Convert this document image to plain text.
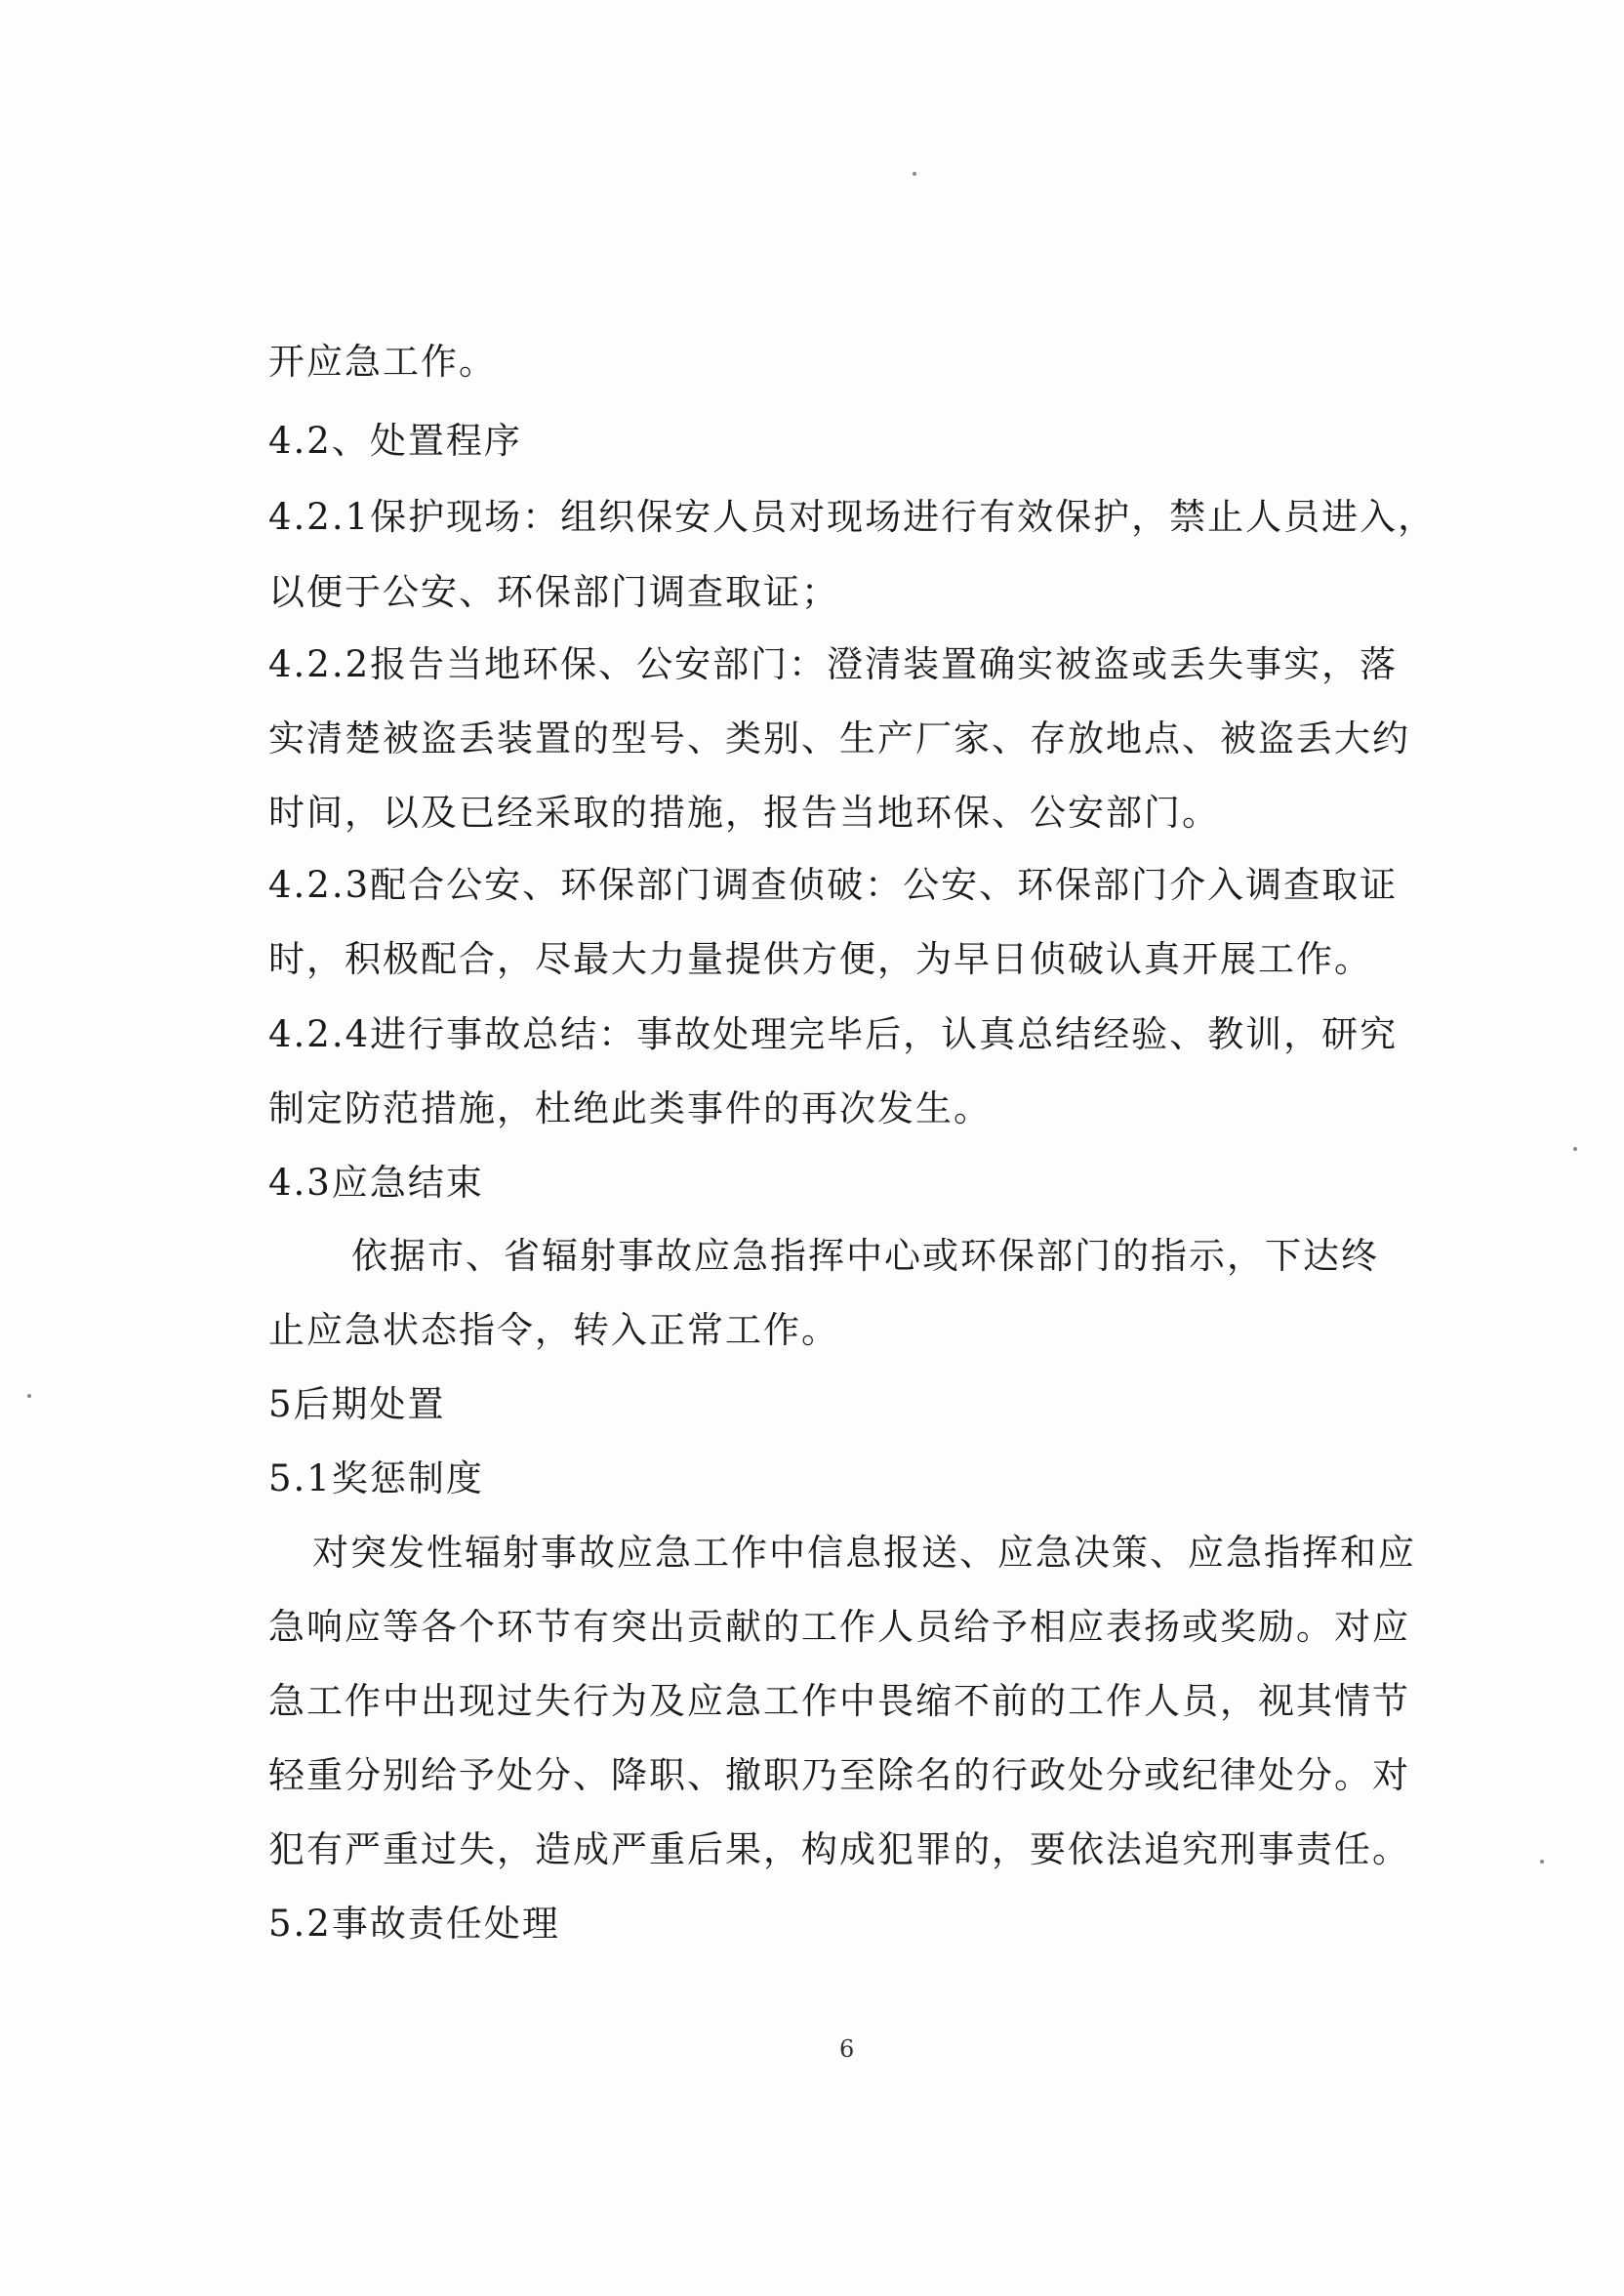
开应急工作。
4.2、处置程序
4.2.1保护现场：组织保安人员对现场进行有效保护，禁止人员进入，
以便于公安、环保部门调查取证；
4.2.2报告当地环保、公安部门：澄清装置确实被盗或丢失事实，落
实清楚被盗丢装置的型号、类别、生产厂家、存放地点、被盗丢大约
时间，以及已经采取的措施，报告当地环保、公安部门。
4.2.3配合公安、环保部门调查侦破：公安、环保部门介入调查取证
时，积极配合，尽最大力量提供方便，为早日侦破认真开展工作。
4.2.4进行事故总结：事故处理完毕后，认真总结经验、教训，研究
制定防范措施，杜绝此类事件的再次发生。
4.3应急结束
依据市、省辐射事故应急指挥中心或环保部门的指示，下达终
止应急状态指令，转入正常工作。
5后期处置
5.1奖惩制度
对突发性辐射事故应急工作中信息报送、应急决策、应急指挥和应
急响应等各个环节有突出贡献的工作人员给予相应表扬或奖励。对应
急工作中出现过失行为及应急工作中畏缩不前的工作人员，视其情节
轻重分别给予处分、降职、撤职乃至除名的行政处分或纪律处分。对
犯有严重过失，造成严重后果，构成犯罪的，要依法追究刑事责任。
5.2事故责任处理
6
